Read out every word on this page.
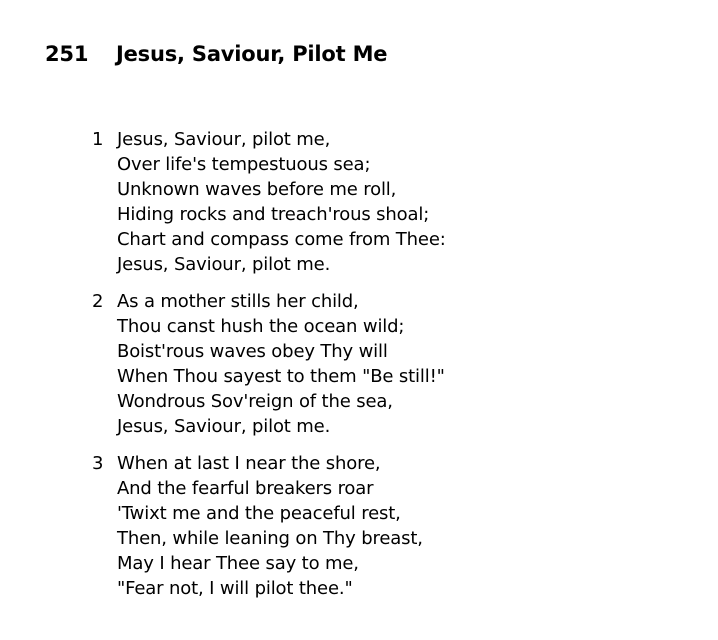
251 Jesus, Saviour, Pilot Me
1 Jesus, Saviour, pilot me,
Over life's tempestuous sea;
Unknown waves before me roll,
Hiding rocks and treach'rous shoal;
Chart and compass come from Thee:
Jesus, Saviour, pilot me.
2 As a mother stills her child,
Thou canst hush the ocean wild;
Boist'rous waves obey Thy will
When Thou sayest to them "Be still!"
Wondrous Sov'reign of the sea,
Jesus, Saviour, pilot me.
3 When at last I near the shore,
And the fearful breakers roar
'Twixt me and the peaceful rest,
Then, while leaning on Thy breast,
May I hear Thee say to me,
"Fear not, I will pilot thee."
